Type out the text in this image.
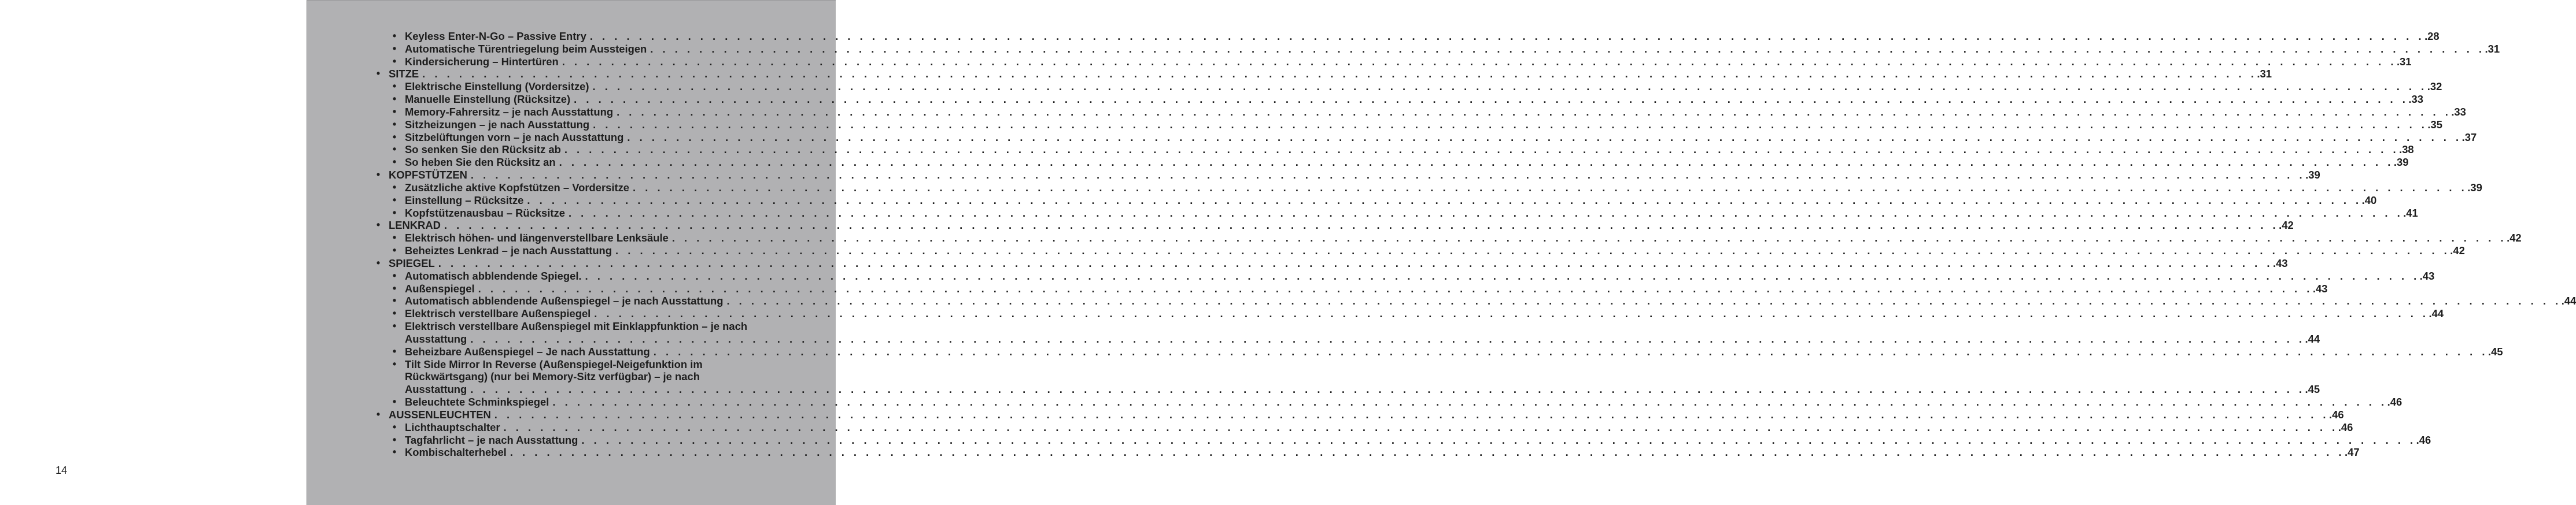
14
• Keyless Enter-N-Go – Passive Entry . . . . . . . . . . . . . . . . . . . . . . . . . . . . . . . . . . . . . . . . . . . . . . . . . . . . . . . . . . . . . . . . . . . . . . . . . . . . . . . . . . . . . . . . . . . . . . . . . . . . . . . . . . . . . . . . . . . . . . . . . . . . . . . . . . . . . . . . . . . . . . . . . . . . . . .28
• Automatische Türentriegelung beim Aussteigen . . . . . . . . . . . . . . . . . . . . . . . . . . . . . . . . . . . . . . . . . . . . . . . . . . . . . . . . . . . . . . . . . . . . . . . . . . . . . . . . . . . . . . . . . . . . . . . . . . . . . . . . . . . . . . . . . . . . . . . . . . . . . . . . . . . . . . . . . . . . . . . . . . . . . . .31
• Kindersicherung – Hintertüren . . . . . . . . . . . . . . . . . . . . . . . . . . . . . . . . . . . . . . . . . . . . . . . . . . . . . . . . . . . . . . . . . . . . . . . . . . . . . . . . . . . . . . . . . . . . . . . . . . . . . . . . . . . . . . . . . . . . . . . . . . . . . . . . . . . . . . . . . . . . . . . . . . . . . . .31
• SITZE . . . . . . . . . . . . . . . . . . . . . . . . . . . . . . . . . . . . . . . . . . . . . . . . . . . . . . . . . . . . . . . . . . . . . . . . . . . . . . . . . . . . . . . . . . . . . . . . . . . . . . . . . . . . . . . . . . . . . . . . . . . . . . . . . . . . . . . . . . . . . . . . . . . . . . .31
• Elektrische Einstellung (Vordersitze) . . . . . . . . . . . . . . . . . . . . . . . . . . . . . . . . . . . . . . . . . . . . . . . . . . . . . . . . . . . . . . . . . . . . . . . . . . . . . . . . . . . . . . . . . . . . . . . . . . . . . . . . . . . . . . . . . . . . . . . . . . . . . . . . . . . . . . . . . . . . . . . . . . . . . . .32
• Manuelle Einstellung (Rücksitze) . . . . . . . . . . . . . . . . . . . . . . . . . . . . . . . . . . . . . . . . . . . . . . . . . . . . . . . . . . . . . . . . . . . . . . . . . . . . . . . . . . . . . . . . . . . . . . . . . . . . . . . . . . . . . . . . . . . . . . . . . . . . . . . . . . . . . . . . . . . . . . . . . . . . . . .33
• Memory-Fahrersitz – je nach Ausstattung . . . . . . . . . . . . . . . . . . . . . . . . . . . . . . . . . . . . . . . . . . . . . . . . . . . . . . . . . . . . . . . . . . . . . . . . . . . . . . . . . . . . . . . . . . . . . . . . . . . . . . . . . . . . . . . . . . . . . . . . . . . . . . . . . . . . . . . . . . . . . . . . . . . . . . .33
• Sitzheizungen – je nach Ausstattung . . . . . . . . . . . . . . . . . . . . . . . . . . . . . . . . . . . . . . . . . . . . . . . . . . . . . . . . . . . . . . . . . . . . . . . . . . . . . . . . . . . . . . . . . . . . . . . . . . . . . . . . . . . . . . . . . . . . . . . . . . . . . . . . . . . . . . . . . . . . . . . . . . . . . . .35
• Sitzbelüftungen vorn – je nach Ausstattung . . . . . . . . . . . . . . . . . . . . . . . . . . . . . . . . . . . . . . . . . . . . . . . . . . . . . . . . . . . . . . . . . . . . . . . . . . . . . . . . . . . . . . . . . . . . . . . . . . . . . . . . . . . . . . . . . . . . . . . . . . . . . . . . . . . . . . . . . . . . . . . . . . . . . . .37
• So senken Sie den Rücksitz ab . . . . . . . . . . . . . . . . . . . . . . . . . . . . . . . . . . . . . . . . . . . . . . . . . . . . . . . . . . . . . . . . . . . . . . . . . . . . . . . . . . . . . . . . . . . . . . . . . . . . . . . . . . . . . . . . . . . . . . . . . . . . . . . . . . . . . . . . . . . . . . . . . . . . . . .38
• So heben Sie den Rücksitz an . . . . . . . . . . . . . . . . . . . . . . . . . . . . . . . . . . . . . . . . . . . . . . . . . . . . . . . . . . . . . . . . . . . . . . . . . . . . . . . . . . . . . . . . . . . . . . . . . . . . . . . . . . . . . . . . . . . . . . . . . . . . . . . . . . . . . . . . . . . . . . . . . . . . . . .39
• KOPFSTÜTZEN . . . . . . . . . . . . . . . . . . . . . . . . . . . . . . . . . . . . . . . . . . . . . . . . . . . . . . . . . . . . . . . . . . . . . . . . . . . . . . . . . . . . . . . . . . . . . . . . . . . . . . . . . . . . . . . . . . . . . . . . . . . . . . . . . . . . . . . . . . . . . . . . . . . . . . .39
• Zusätzliche aktive Kopfstützen – Vordersitze . . . . . . . . . . . . . . . . . . . . . . . . . . . . . . . . . . . . . . . . . . . . . . . . . . . . . . . . . . . . . . . . . . . . . . . . . . . . . . . . . . . . . . . . . . . . . . . . . . . . . . . . . . . . . . . . . . . . . . . . . . . . . . . . . . . . . . . . . . . . . . . . . . . . . . .39
• Einstellung – Rücksitze . . . . . . . . . . . . . . . . . . . . . . . . . . . . . . . . . . . . . . . . . . . . . . . . . . . . . . . . . . . . . . . . . . . . . . . . . . . . . . . . . . . . . . . . . . . . . . . . . . . . . . . . . . . . . . . . . . . . . . . . . . . . . . . . . . . . . . . . . . . . . . . . . . . . . . .40
• Kopfstützenausbau – Rücksitze . . . . . . . . . . . . . . . . . . . . . . . . . . . . . . . . . . . . . . . . . . . . . . . . . . . . . . . . . . . . . . . . . . . . . . . . . . . . . . . . . . . . . . . . . . . . . . . . . . . . . . . . . . . . . . . . . . . . . . . . . . . . . . . . . . . . . . . . . . . . . . . . . . . . . . .41
• LENKRAD . . . . . . . . . . . . . . . . . . . . . . . . . . . . . . . . . . . . . . . . . . . . . . . . . . . . . . . . . . . . . . . . . . . . . . . . . . . . . . . . . . . . . . . . . . . . . . . . . . . . . . . . . . . . . . . . . . . . . . . . . . . . . . . . . . . . . . . . . . . . . . . . . . . . . . .42
• Elektrisch höhen- und längenverstellbare Lenksäule . . . . . . . . . . . . . . . . . . . . . . . . . . . . . . . . . . . . . . . . . . . . . . . . . . . . . . . . . . . . . . . . . . . . . . . . . . . . . . . . . . . . . . . . . . . . . . . . . . . . . . . . . . . . . . . . . . . . . . . . . . . . . . . . . . . . . . . . . . . . . . . . . . . . . . .42
• Beheiztes Lenkrad – je nach Ausstattung . . . . . . . . . . . . . . . . . . . . . . . . . . . . . . . . . . . . . . . . . . . . . . . . . . . . . . . . . . . . . . . . . . . . . . . . . . . . . . . . . . . . . . . . . . . . . . . . . . . . . . . . . . . . . . . . . . . . . . . . . . . . . . . . . . . . . . . . . . . . . . . . . . . . . . .42
• SPIEGEL . . . . . . . . . . . . . . . . . . . . . . . . . . . . . . . . . . . . . . . . . . . . . . . . . . . . . . . . . . . . . . . . . . . . . . . . . . . . . . . . . . . . . . . . . . . . . . . . . . . . . . . . . . . . . . . . . . . . . . . . . . . . . . . . . . . . . . . . . . . . . . . . . . . . . . .43
• Automatisch abblendende Spiegel. . . . . . . . . . . . . . . . . . . . . . . . . . . . . . . . . . . . . . . . . . . . . . . . . . . . . . . . . . . . . . . . . . . . . . . . . . . . . . . . . . . . . . . . . . . . . . . . . . . . . . . . . . . . . . . . . . . . . . . . . . . . . . . . . . . . . . . . . . . . . . . . . . . . . . . .43
• Außenspiegel . . . . . . . . . . . . . . . . . . . . . . . . . . . . . . . . . . . . . . . . . . . . . . . . . . . . . . . . . . . . . . . . . . . . . . . . . . . . . . . . . . . . . . . . . . . . . . . . . . . . . . . . . . . . . . . . . . . . . . . . . . . . . . . . . . . . . . . . . . . . . . . . . . . . . . .43
• Automatisch abblendende Außenspiegel – je nach Ausstattung . . . . . . . . . . . . . . . . . . . . . . . . . . . . . . . . . . . . . . . . . . . . . . . . . . . . . . . . . . . . . . . . . . . . . . . . . . . . . . . . . . . . . . . . . . . . . . . . . . . . . . . . . . . . . . . . . . . . . . . . . . . . . . . . . . . . . . . . . . . . . . . . . . . . . . .44
• Elektrisch verstellbare Außenspiegel . . . . . . . . . . . . . . . . . . . . . . . . . . . . . . . . . . . . . . . . . . . . . . . . . . . . . . . . . . . . . . . . . . . . . . . . . . . . . . . . . . . . . . . . . . . . . . . . . . . . . . . . . . . . . . . . . . . . . . . . . . . . . . . . . . . . . . . . . . . . . . . . . . . . . . .44
• Elektrisch verstellbare Außenspiegel mit Einklappfunktion – je nach
Ausstattung . . . . . . . . . . . . . . . . . . . . . . . . . . . . . . . . . . . . . . . . . . . . . . . . . . . . . . . . . . . . . . . . . . . . . . . . . . . . . . . . . . . . . . . . . . . . . . . . . . . . . . . . . . . . . . . . . . . . . . . . . . . . . . . . . . . . . . . . . . . . . . . . . . . . . . .44
• Beheizbare Außenspiegel – Je nach Ausstattung . . . . . . . . . . . . . . . . . . . . . . . . . . . . . . . . . . . . . . . . . . . . . . . . . . . . . . . . . . . . . . . . . . . . . . . . . . . . . . . . . . . . . . . . . . . . . . . . . . . . . . . . . . . . . . . . . . . . . . . . . . . . . . . . . . . . . . . . . . . . . . . . . . . . . . .45
• Tilt Side Mirror In Reverse (Außenspiegel-Neigefunktion im
Rückwärtsgang) (nur bei Memory-Sitz verfügbar) – je nach
Ausstattung . . . . . . . . . . . . . . . . . . . . . . . . . . . . . . . . . . . . . . . . . . . . . . . . . . . . . . . . . . . . . . . . . . . . . . . . . . . . . . . . . . . . . . . . . . . . . . . . . . . . . . . . . . . . . . . . . . . . . . . . . . . . . . . . . . . . . . . . . . . . . . . . . . . . . . .45
• Beleuchtete Schminkspiegel . . . . . . . . . . . . . . . . . . . . . . . . . . . . . . . . . . . . . . . . . . . . . . . . . . . . . . . . . . . . . . . . . . . . . . . . . . . . . . . . . . . . . . . . . . . . . . . . . . . . . . . . . . . . . . . . . . . . . . . . . . . . . . . . . . . . . . . . . . . . . . . . . . . . . . .46
• AUSSENLEUCHTEN . . . . . . . . . . . . . . . . . . . . . . . . . . . . . . . . . . . . . . . . . . . . . . . . . . . . . . . . . . . . . . . . . . . . . . . . . . . . . . . . . . . . . . . . . . . . . . . . . . . . . . . . . . . . . . . . . . . . . . . . . . . . . . . . . . . . . . . . . . . . . . . . . . . . . . .46
• Lichthauptschalter . . . . . . . . . . . . . . . . . . . . . . . . . . . . . . . . . . . . . . . . . . . . . . . . . . . . . . . . . . . . . . . . . . . . . . . . . . . . . . . . . . . . . . . . . . . . . . . . . . . . . . . . . . . . . . . . . . . . . . . . . . . . . . . . . . . . . . . . . . . . . . . . . . . . . . .46
• Tagfahrlicht – je nach Ausstattung . . . . . . . . . . . . . . . . . . . . . . . . . . . . . . . . . . . . . . . . . . . . . . . . . . . . . . . . . . . . . . . . . . . . . . . . . . . . . . . . . . . . . . . . . . . . . . . . . . . . . . . . . . . . . . . . . . . . . . . . . . . . . . . . . . . . . . . . . . . . . . . . . . . . . . .46
• Kombischalterhebel . . . . . . . . . . . . . . . . . . . . . . . . . . . . . . . . . . . . . . . . . . . . . . . . . . . . . . . . . . . . . . . . . . . . . . . . . . . . . . . . . . . . . . . . . . . . . . . . . . . . . . . . . . . . . . . . . . . . . . . . . . . . . . . . . . . . . . . . . . . . . . . . . . . . . . .47
